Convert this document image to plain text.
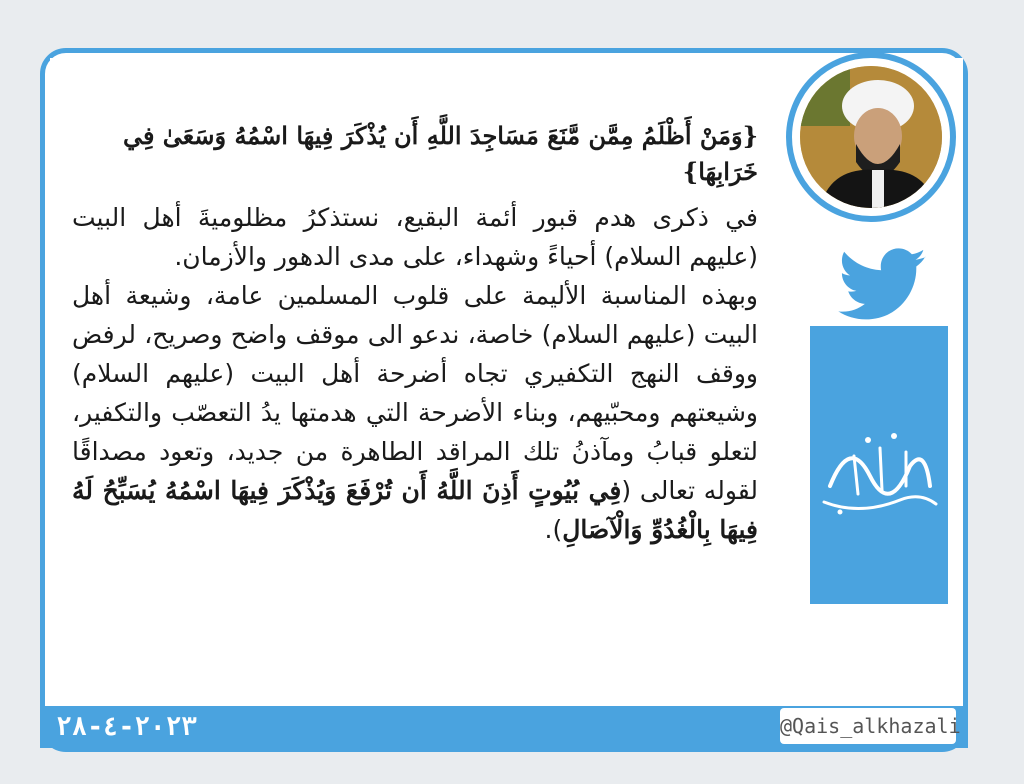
{وَمَنْ أَظْلَمُ مِمَّن مَّنَعَ مَسَاجِدَ اللَّهِ أَن يُذْكَرَ فِيهَا اسْمُهُ وَسَعَىٰ فِي خَرَابِهَا}

في ذكرى هدم قبور أئمة البقيع، نستذكرُ مظلوميةَ أهل البيت (عليهم السلام) أحياءً وشهداء، على مدى الدهور والأزمان.

وبهذه المناسبة الأليمة على قلوب المسلمين عامة، وشيعة أهل البيت (عليهم السلام) خاصة، ندعو الى موقف واضح وصريح، لرفض ووقف النهج التكفيري تجاه أضرحة أهل البيت (عليهم السلام) وشيعتهم ومحبّيهم، وبناء الأضرحة التي هدمتها يدُ التعصّب والتكفير، لتعلو قبابُ ومآذنُ تلك المراقد الطاهرة من جديد، وتعود مصداقًا لقوله تعالى (فِي بُيُوتٍ أَذِنَ اللَّهُ أَن تُرْفَعَ وَيُذْكَرَ فِيهَا اسْمُهُ يُسَبِّحُ لَهُ فِيهَا بِالْغُدُوِّ وَالْآصَالِ).

٢٠٢٣-٤-٢٨	@Qais_alkhazali
